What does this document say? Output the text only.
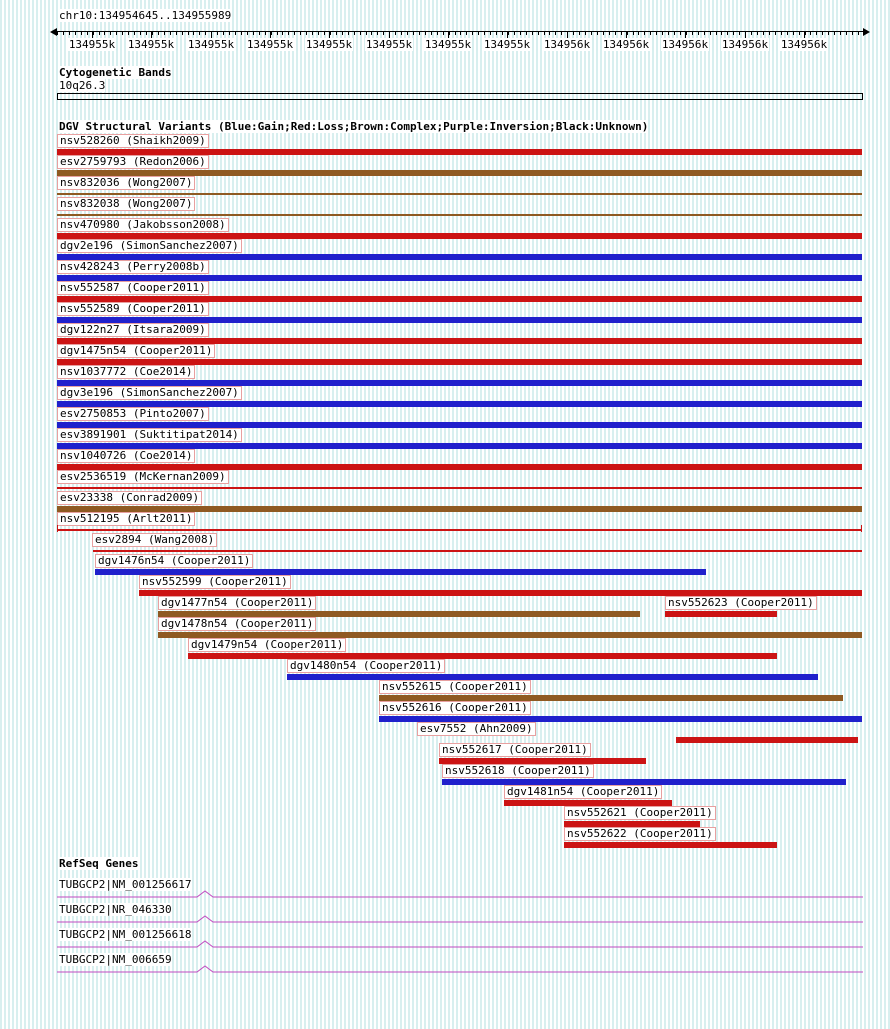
chr10:134954645..134955989
134955k 134955k 134955k 134955k 134955k 134955k 134955k 134955k 134956k 134956k 134956k 134956k 134956k
Cytogenetic Bands
10q26.3
DGV Structural Variants (Blue:Gain;Red:Loss;Brown:Complex;Purple:Inversion;Black:Unknown)
nsv528260 (Shaikh2009)
esv2759793 (Redon2006)
nsv832036 (Wong2007)
nsv832038 (Wong2007)
nsv470980 (Jakobsson2008)
dgv2e196 (SimonSanchez2007)
nsv428243 (Perry2008b)
nsv552587 (Cooper2011)
nsv552589 (Cooper2011)
dgv122n27 (Itsara2009)
dgv1475n54 (Cooper2011)
nsv1037772 (Coe2014)
dgv3e196 (SimonSanchez2007)
esv2750853 (Pinto2007)
esv3891901 (Suktitipat2014)
nsv1040726 (Coe2014)
esv2536519 (McKernan2009)
esv23338 (Conrad2009)
nsv512195 (Arlt2011)
esv2894 (Wang2008)
dgv1476n54 (Cooper2011)
nsv552599 (Cooper2011)
dgv1477n54 (Cooper2011)	nsv552623 (Cooper2011)
dgv1478n54 (Cooper2011)
dgv1479n54 (Cooper2011)
dgv1480n54 (Cooper2011)
nsv552615 (Cooper2011)
nsv552616 (Cooper2011)
esv7552 (Ahn2009)
nsv552617 (Cooper2011)
nsv552618 (Cooper2011)
dgv1481n54 (Cooper2011)
nsv552621 (Cooper2011)
nsv552622 (Cooper2011)
RefSeq Genes
TUBGCP2|NM_001256617
TUBGCP2|NR_046330
TUBGCP2|NM_001256618
TUBGCP2|NM_006659
